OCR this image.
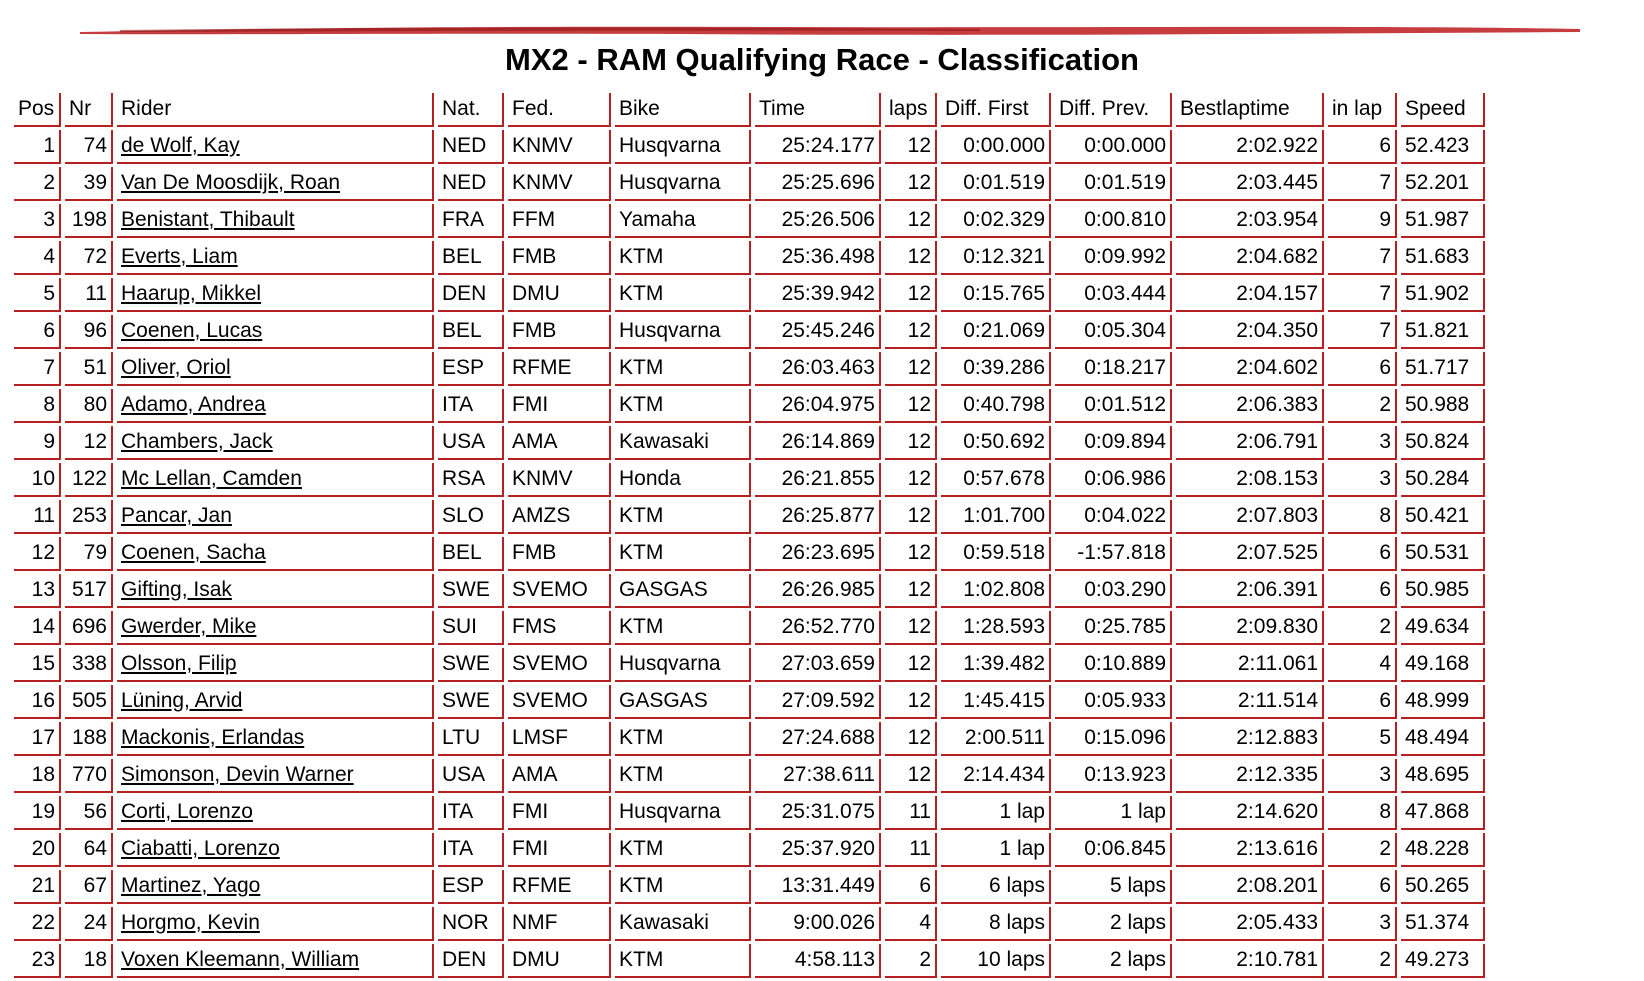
MX2 - RAM Qualifying Race - Classification
Pos	Nr	Rider	Nat.	Fed.	Bike	Time	laps	Diff. First	Diff. Prev.	Bestlaptime	in lap	Speed
1	74	de Wolf, Kay	NED	KNMV	Husqvarna	25:24.177	12	0:00.000	0:00.000	2:02.922	6	52.423
2	39	Van De Moosdijk, Roan	NED	KNMV	Husqvarna	25:25.696	12	0:01.519	0:01.519	2:03.445	7	52.201
3	198	Benistant, Thibault	FRA	FFM	Yamaha	25:26.506	12	0:02.329	0:00.810	2:03.954	9	51.987
4	72	Everts, Liam	BEL	FMB	KTM	25:36.498	12	0:12.321	0:09.992	2:04.682	7	51.683
5	11	Haarup, Mikkel	DEN	DMU	KTM	25:39.942	12	0:15.765	0:03.444	2:04.157	7	51.902
6	96	Coenen, Lucas	BEL	FMB	Husqvarna	25:45.246	12	0:21.069	0:05.304	2:04.350	7	51.821
7	51	Oliver, Oriol	ESP	RFME	KTM	26:03.463	12	0:39.286	0:18.217	2:04.602	6	51.717
8	80	Adamo, Andrea	ITA	FMI	KTM	26:04.975	12	0:40.798	0:01.512	2:06.383	2	50.988
9	12	Chambers, Jack	USA	AMA	Kawasaki	26:14.869	12	0:50.692	0:09.894	2:06.791	3	50.824
10	122	Mc Lellan, Camden	RSA	KNMV	Honda	26:21.855	12	0:57.678	0:06.986	2:08.153	3	50.284
11	253	Pancar, Jan	SLO	AMZS	KTM	26:25.877	12	1:01.700	0:04.022	2:07.803	8	50.421
12	79	Coenen, Sacha	BEL	FMB	KTM	26:23.695	12	0:59.518	-1:57.818	2:07.525	6	50.531
13	517	Gifting, Isak	SWE	SVEMO	GASGAS	26:26.985	12	1:02.808	0:03.290	2:06.391	6	50.985
14	696	Gwerder, Mike	SUI	FMS	KTM	26:52.770	12	1:28.593	0:25.785	2:09.830	2	49.634
15	338	Olsson, Filip	SWE	SVEMO	Husqvarna	27:03.659	12	1:39.482	0:10.889	2:11.061	4	49.168
16	505	Lüning, Arvid	SWE	SVEMO	GASGAS	27:09.592	12	1:45.415	0:05.933	2:11.514	6	48.999
17	188	Mackonis, Erlandas	LTU	LMSF	KTM	27:24.688	12	2:00.511	0:15.096	2:12.883	5	48.494
18	770	Simonson, Devin Warner	USA	AMA	KTM	27:38.611	12	2:14.434	0:13.923	2:12.335	3	48.695
19	56	Corti, Lorenzo	ITA	FMI	Husqvarna	25:31.075	11	1 lap	1 lap	2:14.620	8	47.868
20	64	Ciabatti, Lorenzo	ITA	FMI	KTM	25:37.920	11	1 lap	0:06.845	2:13.616	2	48.228
21	67	Martinez, Yago	ESP	RFME	KTM	13:31.449	6	6 laps	5 laps	2:08.201	6	50.265
22	24	Horgmo, Kevin	NOR	NMF	Kawasaki	9:00.026	4	8 laps	2 laps	2:05.433	3	51.374
23	18	Voxen Kleemann, William	DEN	DMU	KTM	4:58.113	2	10 laps	2 laps	2:10.781	2	49.273
